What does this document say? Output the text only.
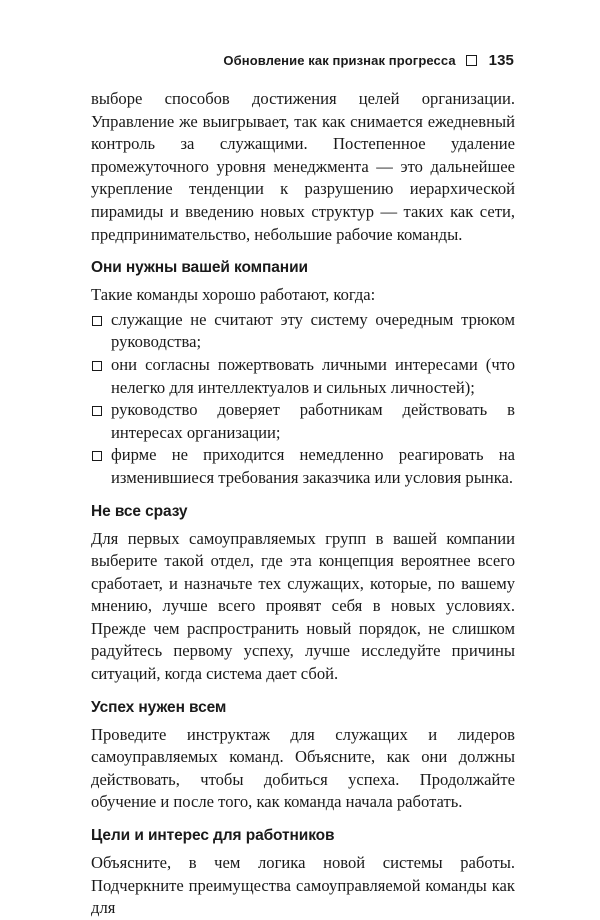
Обновление как признак прогресса 135

выборе способов достижения целей организации. Управление же выигрывает, так как снимается ежедневный контроль за служащими. Постепенное удаление промежуточного уровня менеджмента — это дальнейшее укрепление тенденции к разрушению иерархической пирамиды и введению новых структур — таких как сети, предпринимательство, небольшие рабочие команды.

Они нужны вашей компании

Такие команды хорошо работают, когда:

служащие не считают эту систему очередным трюком руководства;
они согласны пожертвовать личными интересами (что нелегко для интеллектуалов и сильных личностей);
руководство доверяет работникам действовать в интересах организации;
фирме не приходится немедленно реагировать на изменившиеся требования заказчика или условия рынка.
Не все сразу

Для первых самоуправляемых групп в вашей компании выберите такой отдел, где эта концепция вероятнее всего сработает, и назначьте тех служащих, которые, по вашему мнению, лучше всего проявят себя в новых условиях. Прежде чем распространить новый порядок, не слишком радуйтесь первому успеху, лучше исследуйте причины ситуаций, когда система дает сбой.

Успех нужен всем

Проведите инструктаж для служащих и лидеров самоуправляемых команд. Объясните, как они должны действовать, чтобы добиться успеха. Продолжайте обучение и после того, как команда начала работать.

Цели и интерес для работников

Объясните, в чем логика новой системы работы. Подчеркните преимущества самоуправляемой команды как для
